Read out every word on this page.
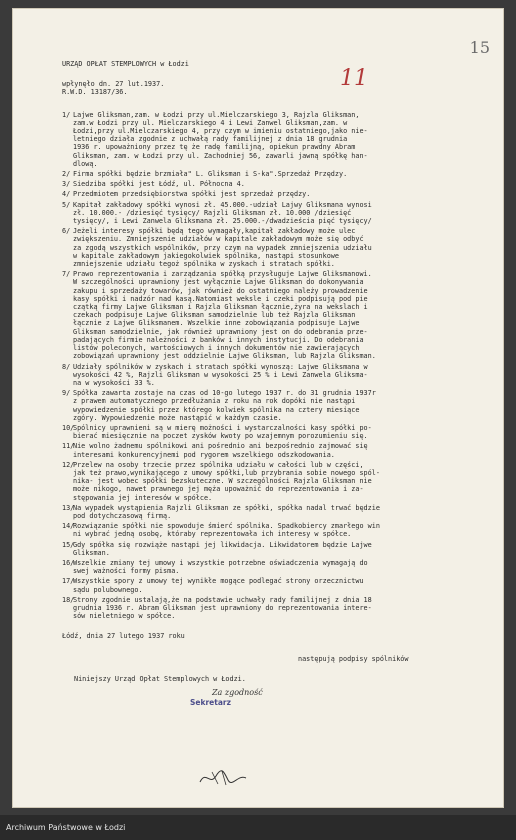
15
11
URZĄD OPŁAT STEMPLOWYCH w Łodzi
wpłynęło dn. 27 lut.1937.
R.W.D. 13187/36.
1/ Lajwe Gliksman,zam. w Łodzi przy ul.Mielczarskiego 3, Rajzla Gliksman,
zam.w Łodzi przy ul. Mielczarskiego 4 i Lewi Zanwel Gliksman,zam. w
Łodzi,przy ul.Mielczarskiego 4, przy czym w imieniu ostatniego,jako nie-
letniego działa zgodnie z uchwałą rady familijnej z dnia 18 grudnia
1936 r. upoważniony przez tę że radę familijną, opiekun prawdny Abram
Gliksman, zam. w Łodzi przy ul. Zachodniej 56, zawarli jawną spółkę han-
dlową.
2/ Firma spółki będzie brzmiała" L. Gliksman i S-ka".Sprzedaż Przędzy.
3/ Siedziba spółki jest Łódź, ul. Północna 4.
4/ Przedmiotem przedsiębiorstwa spółki jest sprzedaż przędzy.
5/ Kapitał zakładowy spółki wynosi zł. 45.000.-udział Lajwy Gliksmana wynosi
zł. 10.000.- /dziesięć tysięcy/ Rajzli Gliksman zł. 10.000 /dziesięć
tysięcy/, i Lewi Zanwela Gliksmana zł. 25.000.-/dwadzieścia pięć tysięcy/
6/ Jeżeli interesy spółki będą tego wymagały,kapitał zakładowy może ulec
zwiększeniu. Zmniejszenie udziałów w kapitale zakładowym może się odbyć
za zgodą wszystkich wspólników, przy czym na wypadek zmniejszenia udziału
w kapitale zakładowym jakiegokolwiek spólnika, nastąpi stosunkowe
zmniejszenie udziału tegoż spólnika w zyskach i stratach spółki.
7/ Prawo reprezentowania i zarządzania spółką przysługuje Lajwe Gliksmanowi.
W szczególności uprawniony jest wyłącznie Lajwe Gliksman do dokonywania
zakupu i sprzedaży towarów, jak również do ostatniego należy prowadzenie
kasy spółki i nadzór nad kasą.Natomiast weksle i czeki podpisują pod pie
czątką firmy Lajwe Gliksman i Rajzla Gliksman łącznie,żyra na wekslach i
czekach podpisuje Lajwe Gliksman samodzielnie lub też Rajzla Gliksman
łącznie z Lajwe Gliksmanem. Wszelkie inne zobowiązania podpisuje Lajwe
Gliksman samodzielnie, jak również uprawniony jest on do odebrania prze-
padających firmie należności z banków i innych instytucji. Do odebrania
listów poleconych, wartościowych i innych dokumentów nie zawierających
zobowiązań uprawniony jest oddzielnie Lajwe Gliksman, lub Rajzla Gliksman.
8/ Udziały spólników w zyskach i stratach spółki wynoszą: Lajwe Gliksmana w
wysokości 42 %, Rajzli Gliksman w wysokości 25 % i Lewi Zanwela Gliksma-
na w wysokości 33 %.
9/ Spółka zawarta zostaje na czas od 10-go lutego 1937 r. do 31 grudnia 1937r
z prawem automatycznego przedłużania z roku na rok dopóki nie nastąpi
wypowiedzenie spółki przez którego kolwiek spólnika na cztery miesiące
zgóry. Wypowiedzenie może nastąpić w każdym czasie.
10/
Spólnicy uprawnieni są w mierę możności i wystarczalności kasy spółki po-
bierać miesięcznie na poczet zysków kwoty po wzajemnym porozumieniu się.
11/
Nie wolno żadnemu spólnikowi ani pośrednio ani bezpośrednio zajmować się
interesami konkurencyjnemi pod rygorem wszelkiego odszkodowania.
12/
Przelew na osoby trzecie przez spólnika udziału w całości lub w części,
jak też prawo,wynikającego z umowy spółki,lub przybrania sobie nowego spól-
nika- jest wobec spółki bezskuteczne. W szczególności Rajzla Gliksman nie
może nikogo, nawet prawnego jej męża upoważnić do reprezentowania i za-
stępowania jej interesów w spółce.
13/
Na wypadek wystąpienia Rajzli Gliksman ze spółki, spółka nadal trwać będzie
pod dotychczasową firmą.
14/
Rozwiązanie spółki nie spowoduje śmierć spólnika. Spadkobiercy zmarłego win
ni wybrać jedną osobę, któraby reprezentowała ich interesy w spółce.
15/
Gdy spółka się rozwiąże nastąpi jej likwidacja. Likwidatorem będzie Lajwe
Gliksman.
16/
Wszelkie zmiany tej umowy i wszystkie potrzebne oświadczenia wymagają do
swej ważności formy pisma.
17/
Wszystkie spory z umowy tej wynikłe mogące podlegać strony orzecznictwu
sądu polubownego.
18/
Strony zgodnie ustalają,że na podstawie uchwały rady familijnej z dnia 18
grudnia 1936 r. Abram Gliksman jest uprawniony do reprezentowania intere-
sów nieletniego w spółce.
Łódź, dnia 27 lutego 1937 roku
następują podpisy spólników
Niniejszy Urząd Opłat Stemplowych w Łodzi.
Za zgodność
Sekretarz
Archiwum Państwowe w Łodzi
